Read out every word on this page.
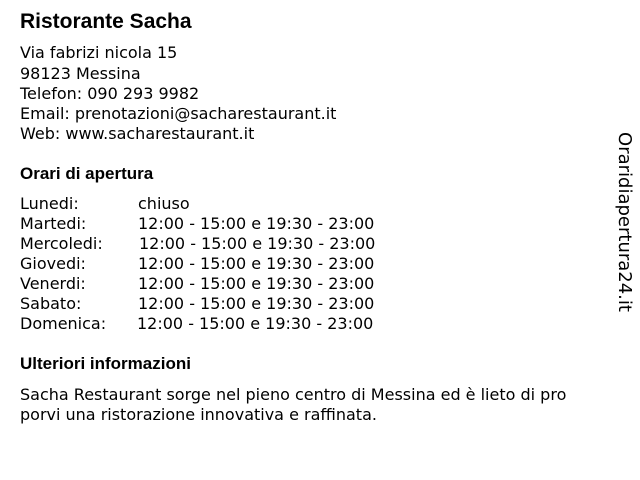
Ristorante Sacha
Via fabrizi nicola 15
98123 Messina
Telefon: 090 293 9982
Email: prenotazioni@sacharestaurant.it
Web: www.sacharestaurant.it
Orari di apertura
Lunedi:	chiuso
Martedi:	12:00 - 15:00 e 19:30 - 23:00
Mercoledi: 12:00 - 15:00 e 19:30 - 23:00
Giovedi:	12:00 - 15:00 e 19:30 - 23:00
Venerdi:	12:00 - 15:00 e 19:30 - 23:00
Sabato:	12:00 - 15:00 e 19:30 - 23:00
Domenica: 12:00 - 15:00 e 19:30 - 23:00
Ulteriori informazioni
Sacha Restaurant sorge nel pieno centro di Messina ed è lieto di pro
porvi una ristorazione innovativa e raffinata.
Oraridiapertura24.it
